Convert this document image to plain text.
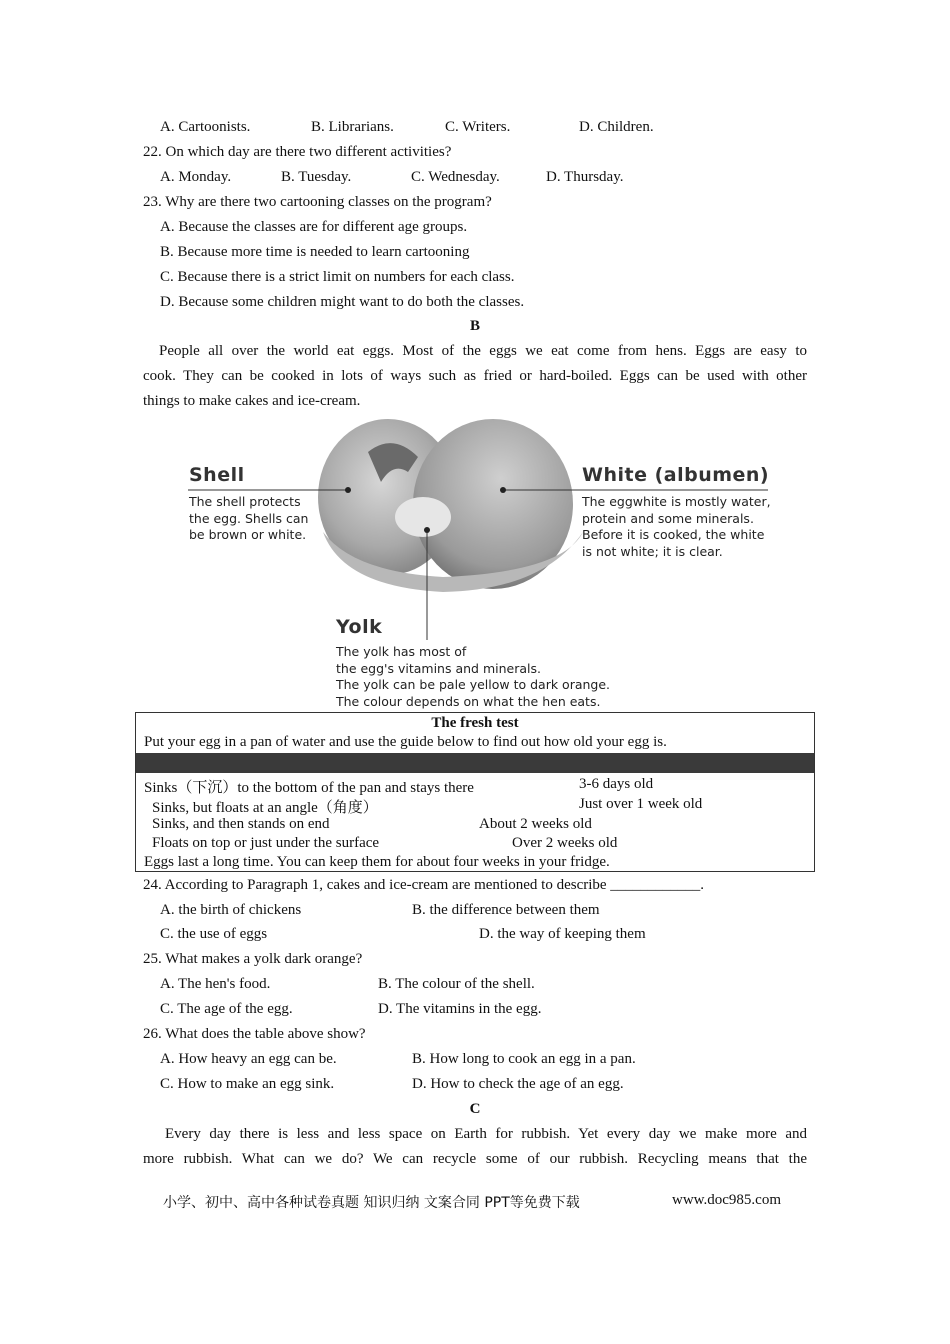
A. Cartoonists.	B. Librarians.	C. Writers.	D. Children.
22. On which day are there two different activities?
A. Monday.	B. Tuesday.	C. Wednesday.	D. Thursday.
23. Why are there two cartooning classes on the program?
A. Because the classes are for different age groups.
B. Because more time is needed to learn cartooning
C. Because there is a strict limit on numbers for each class.
D. Because some children might want to do both the classes.
B
People all over the world eat eggs. Most of the eggs we eat come from hens. Eggs are easy to
cook. They can be cooked in lots of ways such as fried or hard-boiled. Eggs can be used with other
things to make cakes and ice-cream.
Shell
The shell protects
the egg. Shells can
be brown or white.
White (albumen)
The eggwhite is mostly water,
protein and some minerals.
Before it is cooked, the white
is not white; it is clear.
Yolk
The yolk has most of
the egg's vitamins and minerals.
The yolk can be pale yellow to dark orange.
The colour depends on what the hen eats.
The fresh test
Put your egg in a pan of water and use the guide below to find out how old your egg is.
Sinks（下沉）to the bottom of the pan and stays there	3-6 days old
Sinks, but floats at an angle（角度）	Just over 1 week old
Sinks, and then stands on end	About 2 weeks old
Floats on top or just under the surface	Over 2 weeks old
Eggs last a long time. You can keep them for about four weeks in your fridge.
24. According to Paragraph 1, cakes and ice-cream are mentioned to describe ____________.
A. the birth of chickens	B. the difference between them
C. the use of eggs	D. the way of keeping them
25. What makes a yolk dark orange?
A. The hen's food.	B. The colour of the shell.
C. The age of the egg.	D. The vitamins in the egg.
26. What does the table above show?
A. How heavy an egg can be.	B. How long to cook an egg in a pan.
C. How to make an egg sink.	D. How to check the age of an egg.
C
Every day there is less and less space on Earth for rubbish. Yet every day we make more and
more rubbish. What can we do? We can recycle some of our rubbish. Recycling means that the
小学、初中、高中各种试卷真题 知识归纳 文案合同 PPT等免费下载	www.doc985.com
